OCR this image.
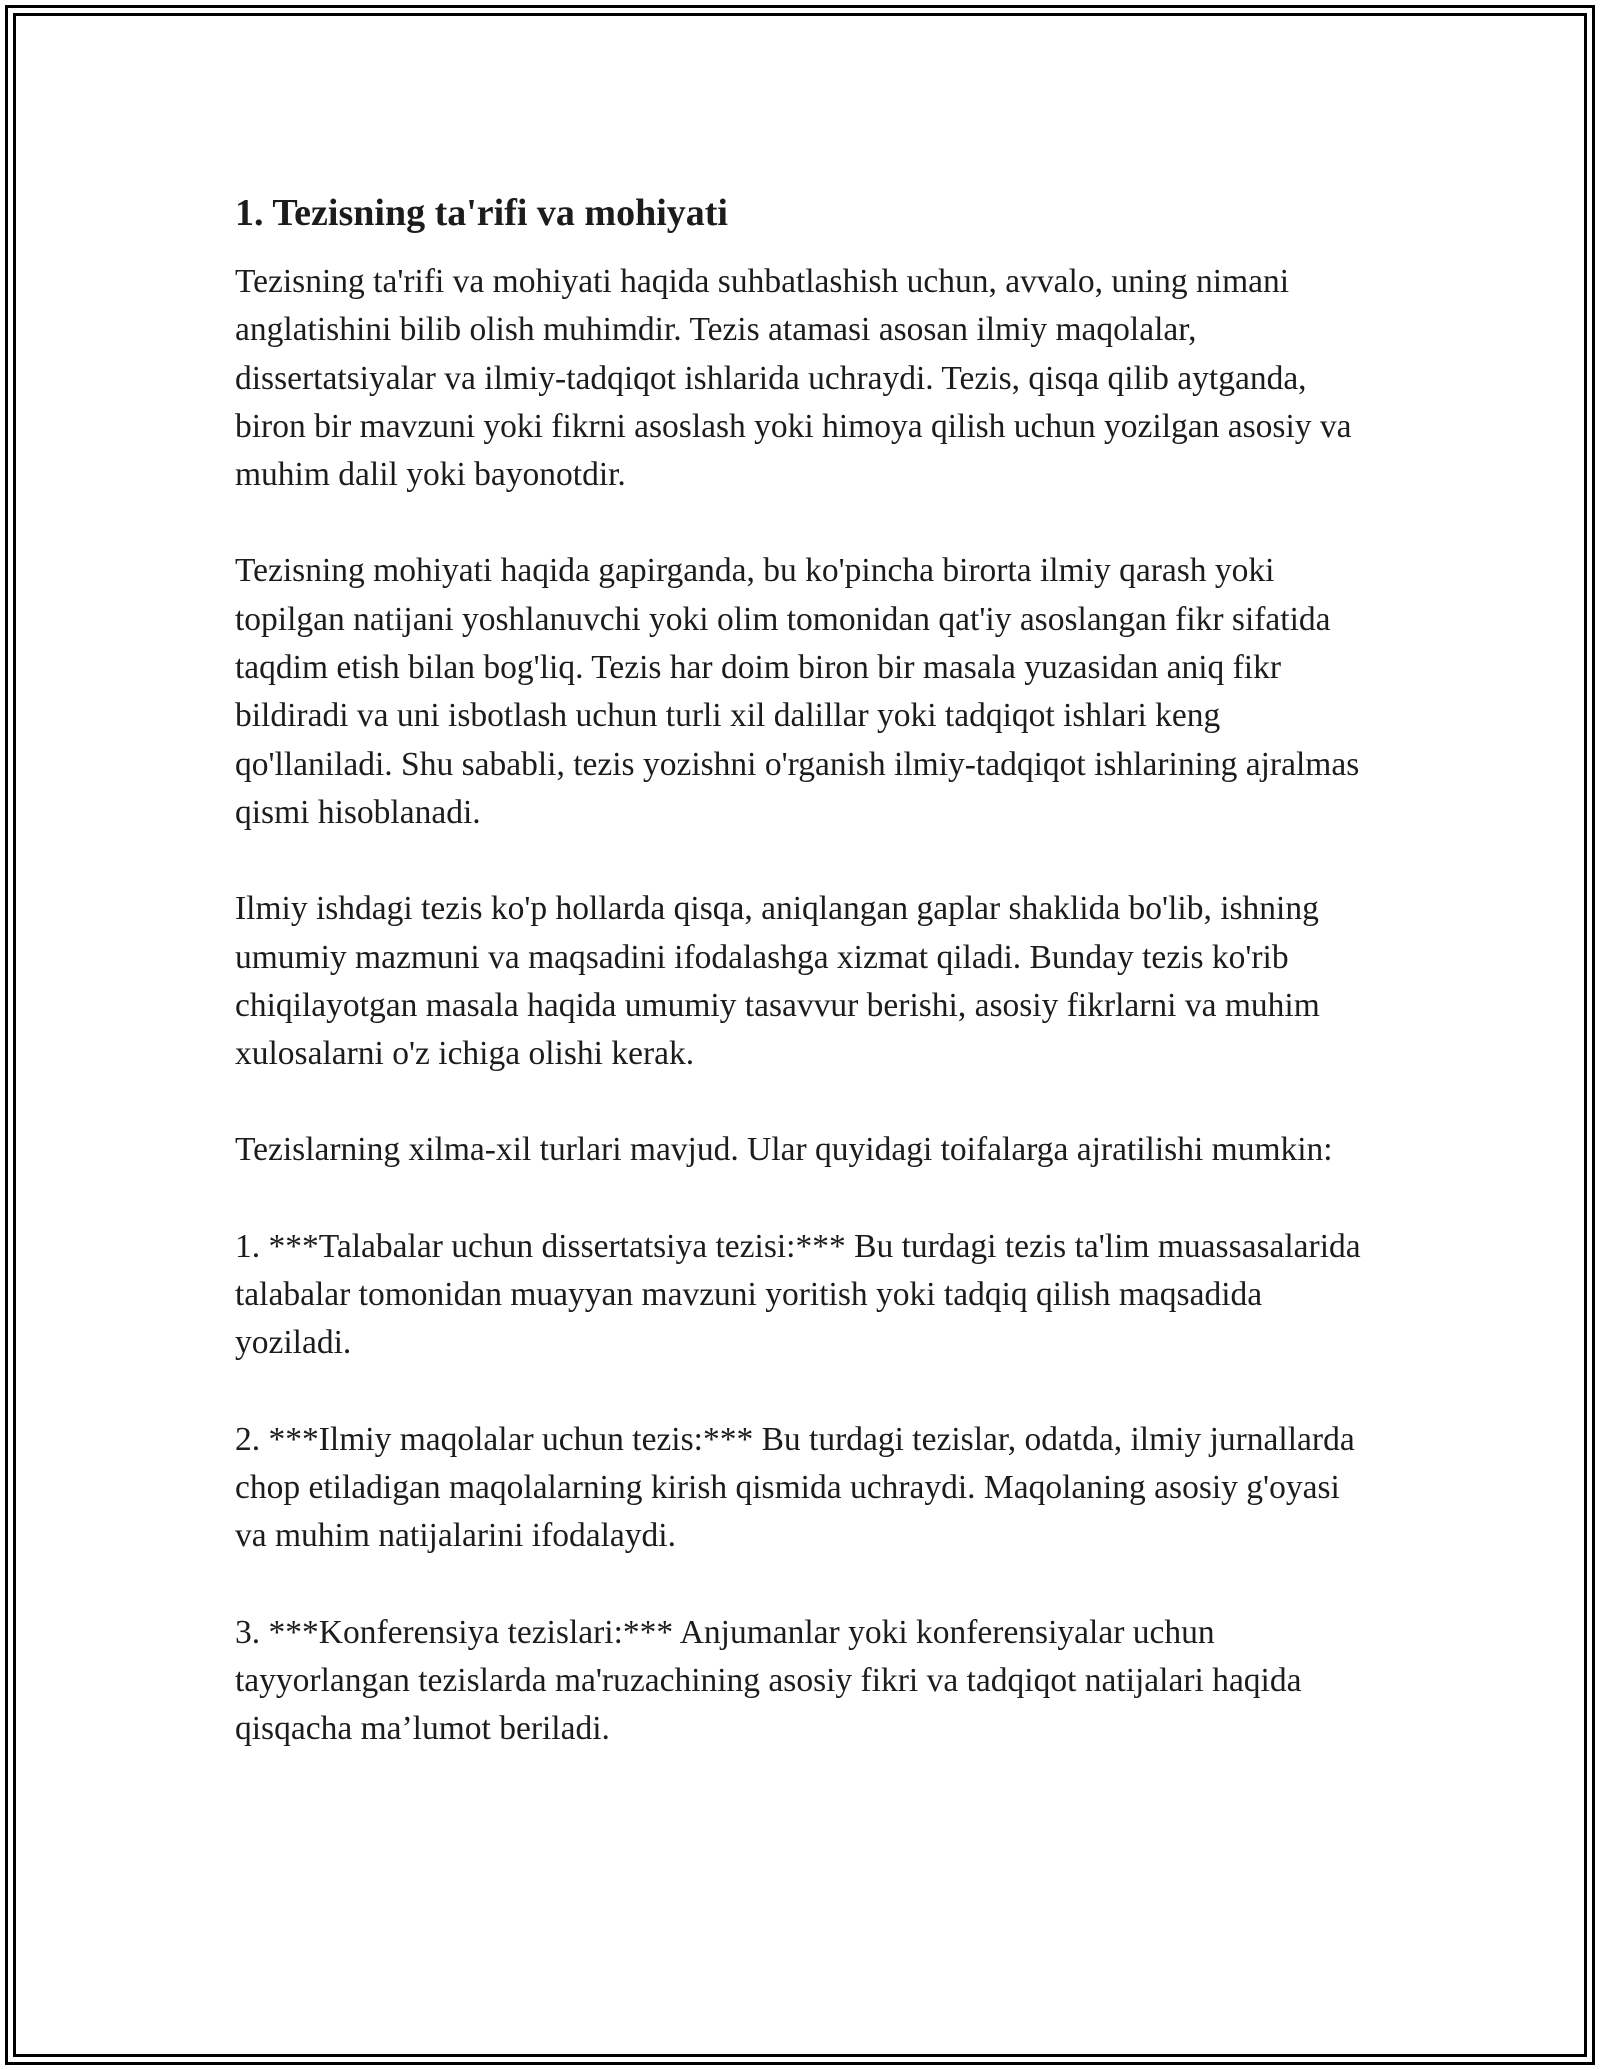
1. Tezisning ta'rifi va mohiyati

Tezisning ta'rifi va mohiyati haqida suhbatlashish uchun, avvalo, uning nimani anglatishini bilib olish muhimdir. Tezis atamasi asosan ilmiy maqolalar, dissertatsiyalar va ilmiy-tadqiqot ishlarida uchraydi. Tezis, qisqa qilib aytganda, biron bir mavzuni yoki fikrni asoslash yoki himoya qilish uchun yozilgan asosiy va muhim dalil yoki bayonotdir.

Tezisning mohiyati haqida gapirganda, bu ko'pincha birorta ilmiy qarash yoki topilgan natijani yoshlanuvchi yoki olim tomonidan qat'iy asoslangan fikr sifatida taqdim etish bilan bog'liq. Tezis har doim biron bir masala yuzasidan aniq fikr bildiradi va uni isbotlash uchun turli xil dalillar yoki tadqiqot ishlari keng qo'llaniladi. Shu sababli, tezis yozishni o'rganish ilmiy-tadqiqot ishlarining ajralmas qismi hisoblanadi.

Ilmiy ishdagi tezis ko'p hollarda qisqa, aniqlangan gaplar shaklida bo'lib, ishning umumiy mazmuni va maqsadini ifodalashga xizmat qiladi. Bunday tezis ko'rib chiqilayotgan masala haqida umumiy tasavvur berishi, asosiy fikrlarni va muhim xulosalarni o'z ichiga olishi kerak.

Tezislarning xilma-xil turlari mavjud. Ular quyidagi toifalarga ajratilishi mumkin:

1. ***Talabalar uchun dissertatsiya tezisi:*** Bu turdagi tezis ta'lim muassasalarida talabalar tomonidan muayyan mavzuni yoritish yoki tadqiq qilish maqsadida yoziladi.

2. ***Ilmiy maqolalar uchun tezis:*** Bu turdagi tezislar, odatda, ilmiy jurnallarda chop etiladigan maqolalarning kirish qismida uchraydi. Maqolaning asosiy g'oyasi va muhim natijalarini ifodalaydi.

3. ***Konferensiya tezislari:*** Anjumanlar yoki konferensiyalar uchun tayyorlangan tezislarda ma'ruzachining asosiy fikri va tadqiqot natijalari haqida qisqacha ma’lumot beriladi.
